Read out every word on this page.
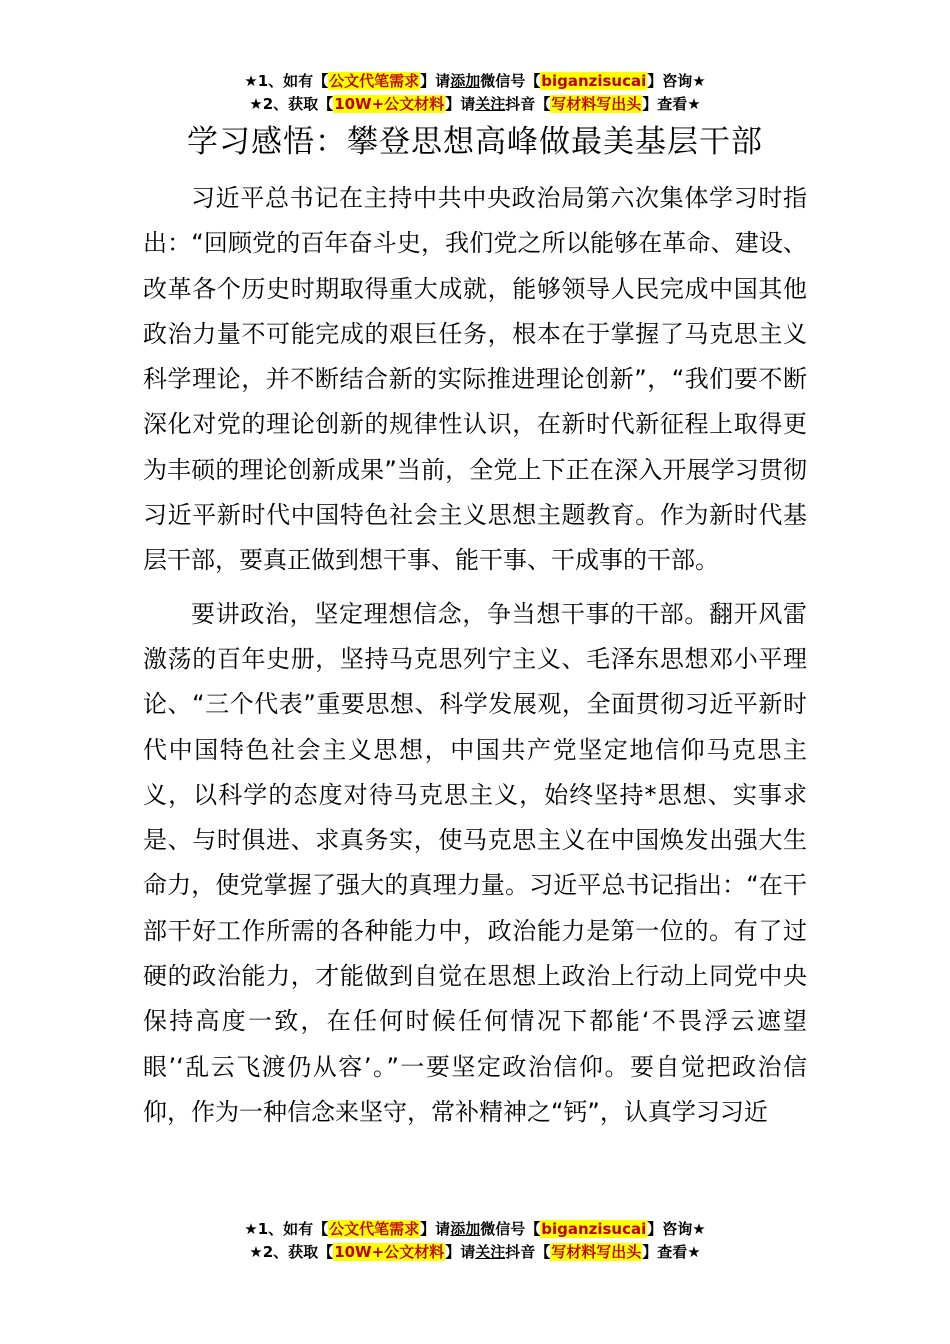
★1、如有【公文代笔需求】请添加微信号【biganzisucai】咨询★
★2、获取【10W+公文材料】请关注抖音【写材料写出头】查看★
学习感悟：攀登思想高峰做最美基层干部

习近平总书记在主持中共中央政治局第六次集体学习时指出：“回顾党的百年奋斗史，我们党之所以能够在革命、建设、改革各个历史时期取得重大成就，能够领导人民完成中国其他政治力量不可能完成的艰巨任务，根本在于掌握了马克思主义科学理论，并不断结合新的实际推进理论创新”，“我们要不断深化对党的理论创新的规律性认识，在新时代新征程上取得更为丰硕的理论创新成果”当前，全党上下正在深入开展学习贯彻习近平新时代中国特色社会主义思想主题教育。作为新时代基层干部，要真正做到想干事、能干事、干成事的干部。

要讲政治，坚定理想信念，争当想干事的干部。翻开风雷激荡的百年史册，坚持马克思列宁主义、毛泽东思想邓小平理论、“三个代表”重要思想、科学发展观，全面贯彻习近平新时代中国特色社会主义思想，中国共产党坚定地信仰马克思主义，以科学的态度对待马克思主义，始终坚持*思想、实事求是、与时俱进、求真务实，使马克思主义在中国焕发出强大生命力，使党掌握了强大的真理力量。习近平总书记指出：“在干部干好工作所需的各种能力中，政治能力是第一位的。有了过硬的政治能力，才能做到自觉在思想上政治上行动上同党中央保持高度一致，在任何时候任何情况下都能‘不畏浮云遮望眼’‘乱云飞渡仍从容’。”一要坚定政治信仰。要自觉把政治信仰，作为一种信念来坚守，常补精神之“钙”，认真学习习近

★1、如有【公文代笔需求】请添加微信号【biganzisucai】咨询★
★2、获取【10W+公文材料】请关注抖音【写材料写出头】查看★
